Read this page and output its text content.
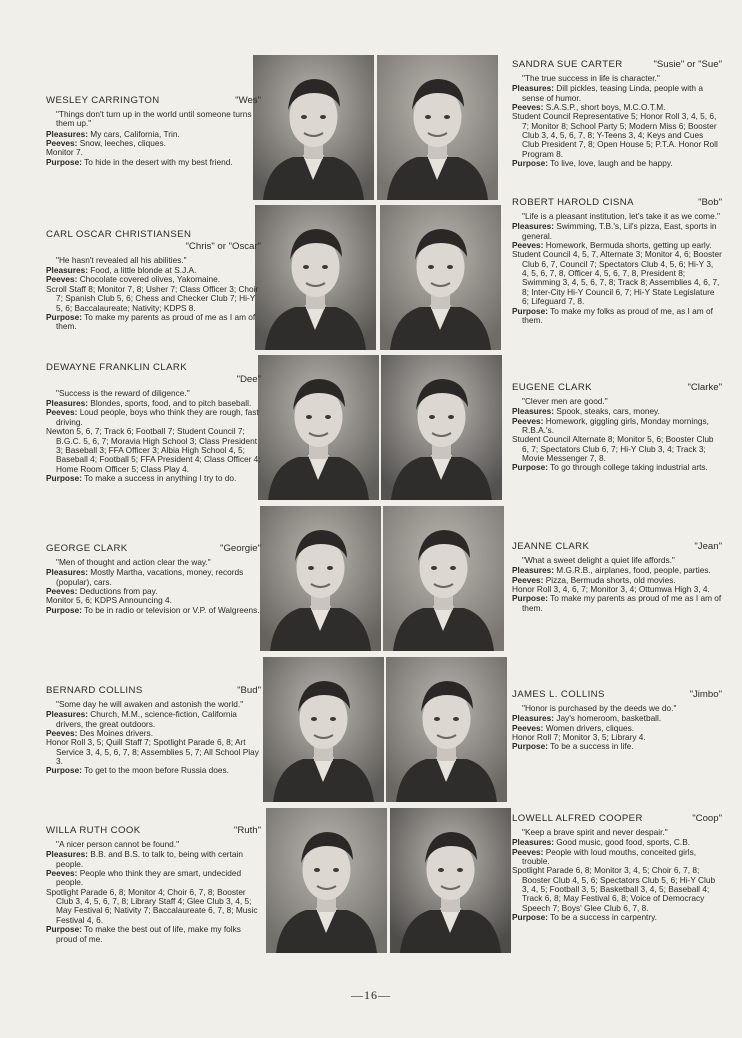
WESLEY CARRINGTON	"Wes"
"Things don't turn up in the world until someone turns them up."
Pleasures: My cars, California, Trin.
Peeves: Snow, leeches, cliques.
Monitor 7.
Purpose: To hide in the desert with my best friend.
SANDRA SUE CARTER	"Susie" or "Sue"
"The true success in life is character."
Pleasures: Dill pickles, teasing Linda, people with a sense of humor.
Peeves: S.A.S.P., short boys, M.C.O.T.M.
Student Council Representative 5; Honor Roll 3, 4, 5, 6, 7; Monitor 8; School Party 5; Modern Miss 6; Booster Club 3, 4, 5, 6, 7, 8; Y-Teens 3, 4; Keys and Cues Club President 7, 8; Open House 5; P.T.A. Honor Roll Program 8.
Purpose: To live, love, laugh and be happy.
CARL OSCAR CHRISTIANSEN
"Chris" or "Oscar"
"He hasn't revealed all his abilities."
Pleasures: Food, a little blonde at S.J.A.
Peeves: Chocolate covered olives, Yakomaine.
Scroll Staff 8; Monitor 7, 8; Usher 7; Class Officer 3; Choir 7; Spanish Club 5, 6; Chess and Checker Club 7; Hi-Y 5, 6; Baccalaureate; Nativity; KDPS 8.
Purpose: To make my parents as proud of me as I am of them.
ROBERT HAROLD CISNA	"Bob"
"Life is a pleasant institution, let's take it as we come."
Pleasures: Swimming, T.B.'s, Lil's pizza, East, sports in general.
Peeves: Homework, Bermuda shorts, getting up early.
Student Council 4, 5, 7, Alternate 3; Monitor 4, 6; Booster Club 6, 7, Council 7; Spectators Club 4, 5, 6; Hi-Y 3, 4, 5, 6, 7, 8, Officer 4, 5, 6, 7, 8, President 8; Swimming 3, 4, 5, 6, 7, 8; Track 8; Assemblies 4, 6, 7, 8; Inter-City Hi-Y Council 6, 7; Hi-Y State Legislature 6; Lifeguard 7, 8.
Purpose: To make my folks as proud of me, as I am of them.
DEWAYNE FRANKLIN CLARK
"Dee"
"Success is the reward of diligence."
Pleasures: Blondes, sports, food, and to pitch baseball.
Peeves: Loud people, boys who think they are rough, fast driving.
Newton 5, 6, 7; Track 6; Football 7; Student Council 7; B.G.C. 5, 6, 7; Moravia High School 3; Class President 3; Baseball 3; FFA Officer 3; Albia High School 4, 5; Baseball 4; Football 5; FFA President 4; Class Officer 4; Home Room Officer 5; Class Play 4.
Purpose: To make a success in anything I try to do.
EUGENE CLARK	"Clarke"
"Clever men are good."
Pleasures: Spook, steaks, cars, money.
Peeves: Homework, giggling girls, Monday mornings, R.B.A.'s.
Student Council Alternate 8; Monitor 5, 6; Booster Club 6, 7; Spectators Club 6, 7; Hi-Y Club 3, 4; Track 3; Movie Messenger 7, 8.
Purpose: To go through college taking industrial arts.
GEORGE CLARK	"Georgie"
"Men of thought and action clear the way."
Pleasures: Mostly Martha, vacations, money, records (popular), cars.
Peeves: Deductions from pay.
Monitor 5, 6; KDPS Announcing 4.
Purpose: To be in radio or television or V.P. of Walgreens.
JEANNE CLARK	"Jean"
"What a sweet delight a quiet life affords."
Pleasures: M.G.R.B., airplanes, food, people, parties.
Peeves: Pizza, Bermuda shorts, old movies.
Honor Roll 3, 4, 6, 7; Monitor 3, 4; Ottumwa High 3, 4.
Purpose: To make my parents as proud of me as I am of them.
BERNARD COLLINS	"Bud"
"Some day he will awaken and astonish the world."
Pleasures: Church, M.M., science-fiction, California drivers, the great outdoors.
Peeves: Des Moines drivers.
Honor Roll 3, 5; Quill Staff 7; Spotlight Parade 6, 8; Art Service 3, 4, 5, 6, 7, 8; Assemblies 5, 7; All School Play 3.
Purpose: To get to the moon before Russia does.
JAMES L. COLLINS	"Jimbo"
"Honor is purchased by the deeds we do."
Pleasures: Jay's homeroom, basketball.
Peeves: Women drivers, cliques.
Honor Roll 7; Monitor 3, 5; Library 4.
Purpose: To be a success in life.
WILLA RUTH COOK	"Ruth"
"A nicer person cannot be found."
Pleasures: B.B. and B.S. to talk to, being with certain people.
Peeves: People who think they are smart, undecided people.
Spotlight Parade 6, 8; Monitor 4; Choir 6, 7, 8; Booster Club 3, 4, 5, 6, 7, 8; Library Staff 4; Glee Club 3, 4, 5; May Festival 6; Nativity 7; Baccalaureate 6, 7, 8; Music Festival 4, 6.
Purpose: To make the best out of life, make my folks proud of me.
LOWELL ALFRED COOPER	"Coop"
"Keep a brave spirit and never despair."
Pleasures: Good music, good food, sports, C.B.
Peeves: People with loud mouths, conceited girls, trouble.
Spotlight Parade 6, 8; Monitor 3, 4, 5; Choir 6, 7, 8; Booster Club 4, 5, 6; Spectators Club 5, 6; Hi-Y Club 3, 4, 5; Football 3, 5; Basketball 3, 4, 5; Baseball 4; Track 6, 8; May Festival 6, 8; Voice of Democracy Speech 7; Boys' Glee Club 6, 7, 8.
Purpose: To be a success in carpentry.
—16—
